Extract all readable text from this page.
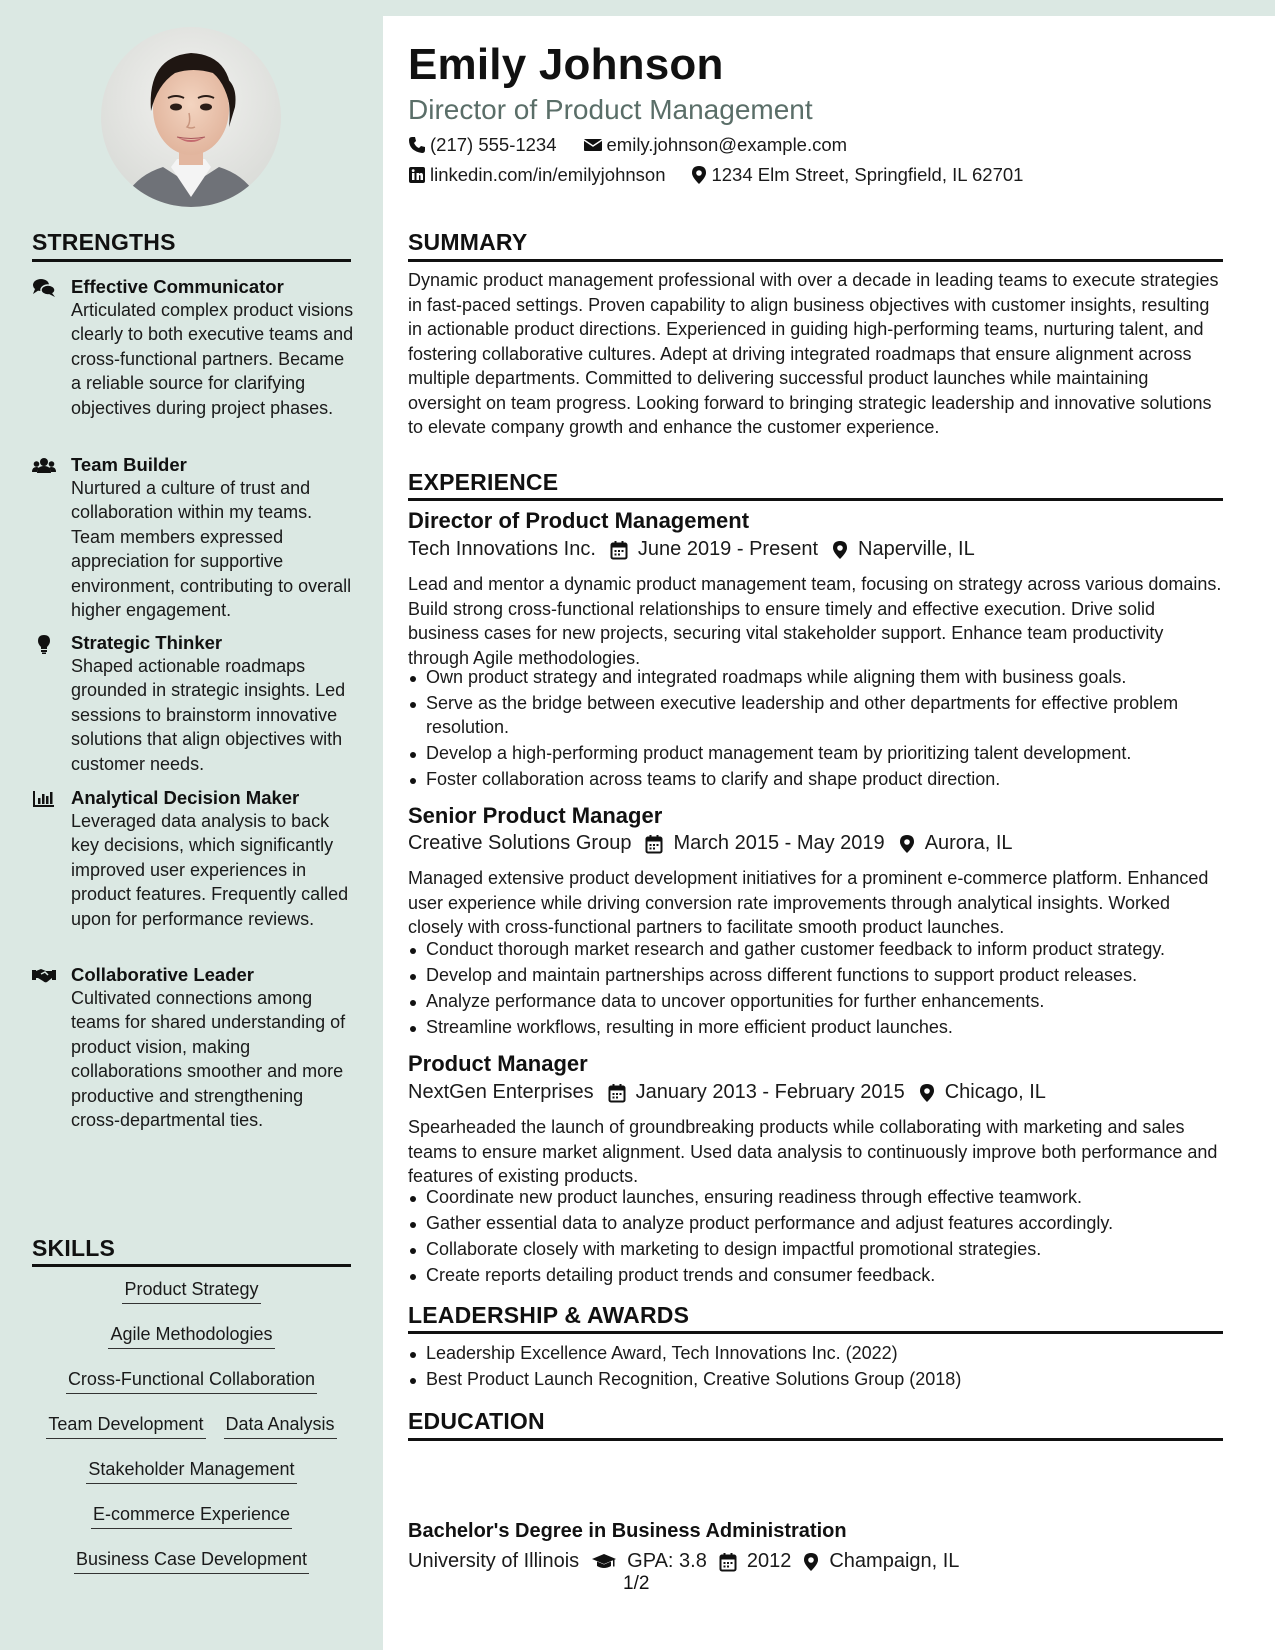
STRENGTHS
Effective Communicator
Articulated complex product visions clearly to both executive teams and cross-functional partners. Became a reliable source for clarifying objectives during project phases.
Team Builder
Nurtured a culture of trust and collaboration within my teams. Team members expressed appreciation for supportive environment, contributing to overall higher engagement.
Strategic Thinker
Shaped actionable roadmaps grounded in strategic insights. Led sessions to brainstorm innovative solutions that align objectives with customer needs.
Analytical Decision Maker
Leveraged data analysis to back key decisions, which significantly improved user experiences in product features. Frequently called upon for performance reviews.
Collaborative Leader
Cultivated connections among teams for shared understanding of product vision, making collaborations smoother and more productive and strengthening cross-departmental ties.
SKILLS
Product Strategy
Agile Methodologies
Cross-Functional Collaboration
Team Development Data Analysis
Stakeholder Management
E-commerce Experience
Business Case Development
Emily Johnson
Director of Product Management
(217) 555-1234	emily.johnson@example.com
linkedin.com/in/emilyjohnson 1234 Elm Street, Springfield, IL 62701
SUMMARY
Dynamic product management professional with over a decade in leading teams to execute strategies in fast-paced settings. Proven capability to align business objectives with customer insights, resulting in actionable product directions. Experienced in guiding high-performing teams, nurturing talent, and fostering collaborative cultures. Adept at driving integrated roadmaps that ensure alignment across multiple departments. Committed to delivering successful product launches while maintaining oversight on team progress. Looking forward to bringing strategic leadership and innovative solutions to elevate company growth and enhance the customer experience.
EXPERIENCE
Director of Product Management
Tech Innovations Inc. June 2019 - Present Naperville, IL
Lead and mentor a dynamic product management team, focusing on strategy across various domains. Build strong cross-functional relationships to ensure timely and effective execution. Drive solid business cases for new projects, securing vital stakeholder support. Enhance team productivity through Agile methodologies.
Own product strategy and integrated roadmaps while aligning them with business goals.
Serve as the bridge between executive leadership and other departments for effective problem resolution.
Develop a high-performing product management team by prioritizing talent development.
Foster collaboration across teams to clarify and shape product direction.
Senior Product Manager
Creative Solutions Group March 2015 - May 2019 Aurora, IL
Managed extensive product development initiatives for a prominent e-commerce platform. Enhanced user experience while driving conversion rate improvements through analytical insights. Worked closely with cross-functional partners to facilitate smooth product launches.
Conduct thorough market research and gather customer feedback to inform product strategy.
Develop and maintain partnerships across different functions to support product releases.
Analyze performance data to uncover opportunities for further enhancements.
Streamline workflows, resulting in more efficient product launches.
Product Manager
NextGen Enterprises January 2013 - February 2015 Chicago, IL
Spearheaded the launch of groundbreaking products while collaborating with marketing and sales teams to ensure market alignment. Used data analysis to continuously improve both performance and features of existing products.
Coordinate new product launches, ensuring readiness through effective teamwork.
Gather essential data to analyze product performance and adjust features accordingly.
Collaborate closely with marketing to design impactful promotional strategies.
Create reports detailing product trends and consumer feedback.
LEADERSHIP & AWARDS
Leadership Excellence Award, Tech Innovations Inc. (2022)
Best Product Launch Recognition, Creative Solutions Group (2018)
EDUCATION
Bachelor's Degree in Business Administration
University of Illinois GPA: 3.8 2012 Champaign, IL
1/2
